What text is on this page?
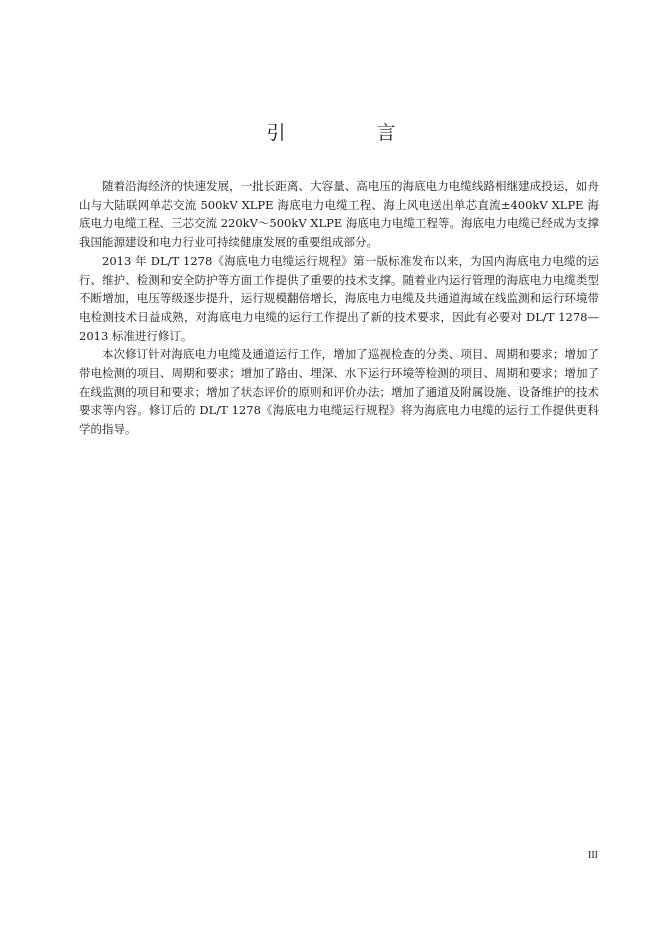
引　言

随着沿海经济的快速发展，一批长距离、大容量、高电压的海底电力电缆线路相继建成投运，如舟山与大陆联网单芯交流 500kV XLPE 海底电力电缆工程、海上风电送出单芯直流±400kV XLPE 海底电力电缆工程、三芯交流 220kV～500kV XLPE 海底电力电缆工程等。海底电力电缆已经成为支撑我国能源建设和电力行业可持续健康发展的重要组成部分。

2013 年 DL/T 1278《海底电力电缆运行规程》第一版标准发布以来，为国内海底电力电缆的运行、维护、检测和安全防护等方面工作提供了重要的技术支撑。随着业内运行管理的海底电力电缆类型不断增加，电压等级逐步提升，运行规模翻倍增长，海底电力电缆及共通道海域在线监测和运行环境带电检测技术日益成熟，对海底电力电缆的运行工作提出了新的技术要求，因此有必要对 DL/T 1278—2013 标准进行修订。

本次修订针对海底电力电缆及通道运行工作，增加了巡视检查的分类、项目、周期和要求；增加了带电检测的项目、周期和要求；增加了路由、埋深、水下运行环境等检测的项目、周期和要求；增加了在线监测的项目和要求；增加了状态评价的原则和评价办法；增加了通道及附属设施、设备维护的技术要求等内容。修订后的 DL/T 1278《海底电力电缆运行规程》将为海底电力电缆的运行工作提供更科学的指导。

III
